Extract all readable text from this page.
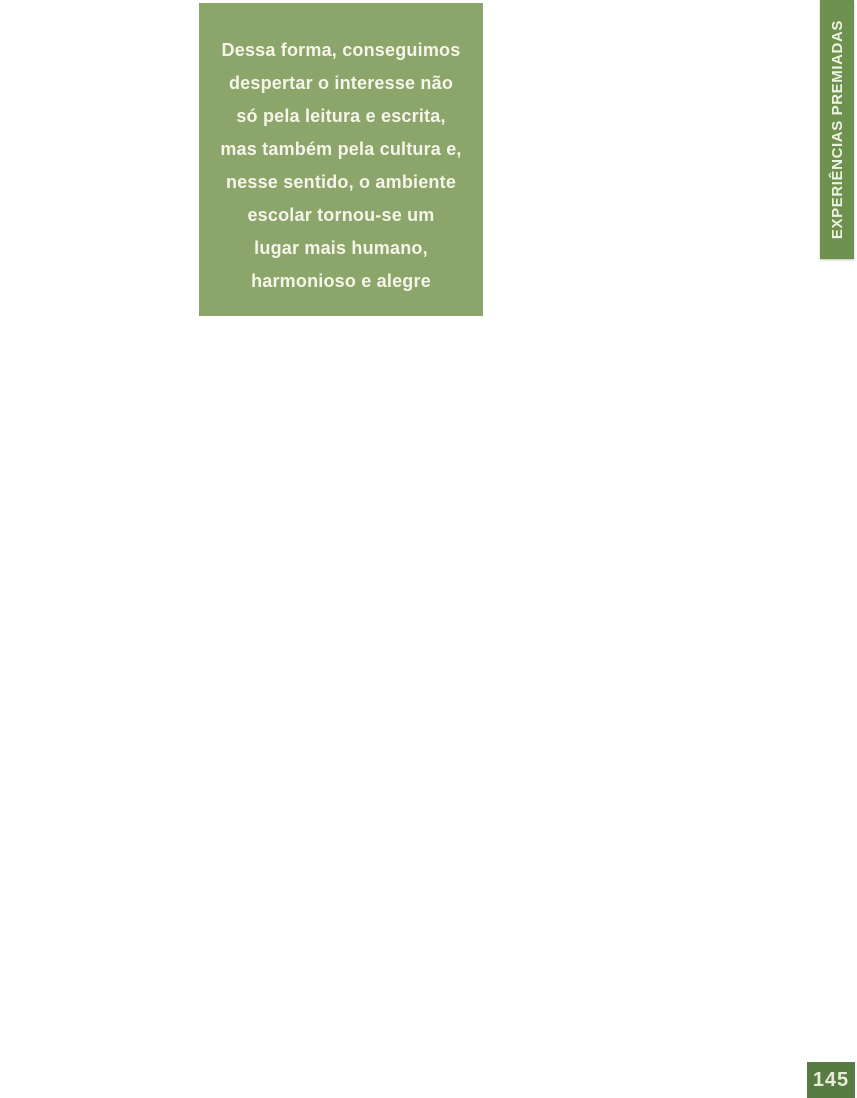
Dessa forma, conseguimos
despertar o interesse não
só pela leitura e escrita,
mas também pela cultura e,
nesse sentido, o ambiente
escolar tornou-se um
lugar mais humano,
harmonioso e alegre
EXPERIÊNCIAS PREMIADAS
145
